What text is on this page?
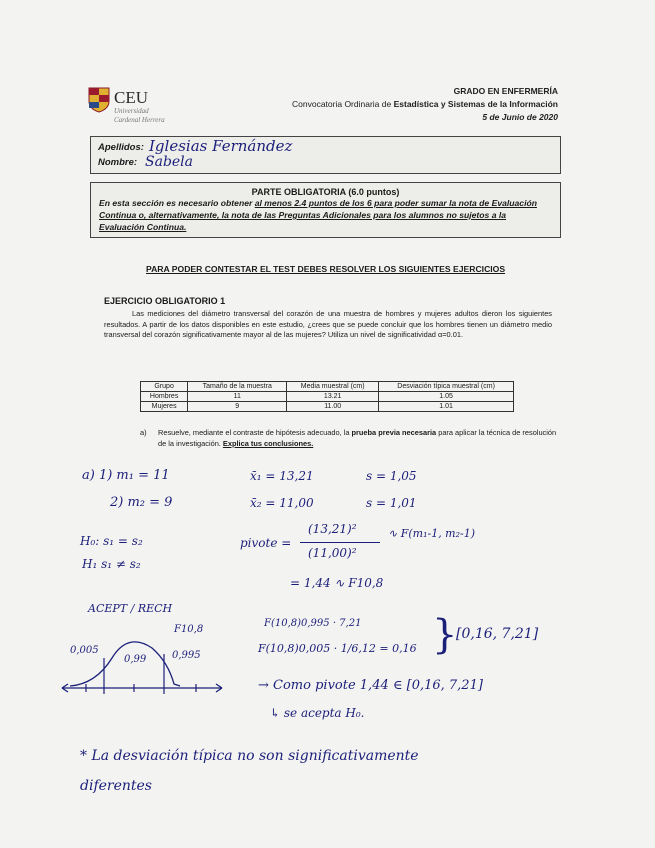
CEU
Universidad
Cardenal Herrera
GRADO EN ENFERMERÍA
Convocatoria Ordinaria de Estadística y Sistemas de la Información
5 de Junio de 2020
Apellidos: Iglesias Fernández
Nombre: Sabela
PARTE OBLIGATORIA (6.0 puntos)
En esta sección es necesario obtener al menos 2.4 puntos de los 6 para poder sumar la nota de Evaluación Continua o, alternativamente, la nota de las Preguntas Adicionales para los alumnos no sujetos a la Evaluación Continua.
PARA PODER CONTESTAR EL TEST DEBES RESOLVER LOS SIGUIENTES EJERCICIOS
EJERCICIO OBLIGATORIO 1
Las mediciones del diámetro transversal del corazón de una muestra de hombres y mujeres adultos dieron los siguientes resultados. A partir de los datos disponibles en este estudio, ¿crees que se puede concluir que los hombres tienen un diámetro medio transversal del corazón significativamente mayor al de las mujeres? Utiliza un nivel de significatividad α=0.01.
Grupo	Tamaño de la muestra	Media muestral (cm)	Desviación típica muestral (cm)
Hombres	11	13.21	1.05
Mujeres	9	11.00	1.01
a) Resuelve, mediante el contraste de hipótesis adecuado, la prueba previa necesaria para aplicar la técnica de resolución de la investigación. Explica tus conclusiones.
a) 1) m₁ = 11	x̄₁ = 13,21	s = 1,05
2) m₂ = 9	x̄₂ = 11,00	s = 1,01
H₀: s₁ = s₂
H₁ s₁ ≠ s₂
pivote =
(13,21)²
(11,00)²
∿ F(m₁-1, m₂-1)
= 1,44 ∿ F10,8
ACEPT / RECH
F10,8
0,005
0,99	0,995
F(10,8)0,995 · 7,21
F(10,8)0,005 · 1/6,12 = 0,16 }
[0,16, 7,21]
→ Como pivote 1,44 ∈ [0,16, 7,21]
↳ se acepta H₀.
* La desviación típica no son significativamente
diferentes
